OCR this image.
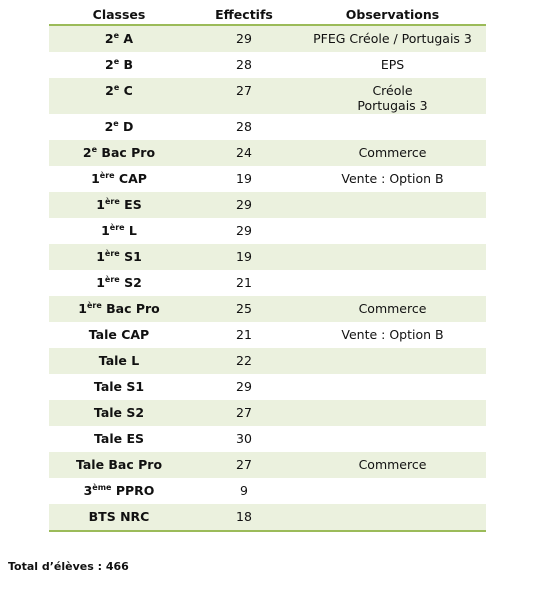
Classes	Effectifs	Observations
2e A	29	PFEG Créole / Portugais 3
2e B	28	EPS
2e C	27	Créole
Portugais 3
2e D	28
2e Bac Pro	24	Commerce
1ère CAP	19	Vente : Option B
1ère ES	29
1ère L	29
1ère S1	19
1ère S2	21
1ère Bac Pro	25	Commerce
Tale CAP	21	Vente : Option B
Tale L	22
Tale S1	29
Tale S2	27
Tale ES	30
Tale Bac Pro	27	Commerce
3ème PPRO	9
BTS NRC	18
Total d’élèves : 466
